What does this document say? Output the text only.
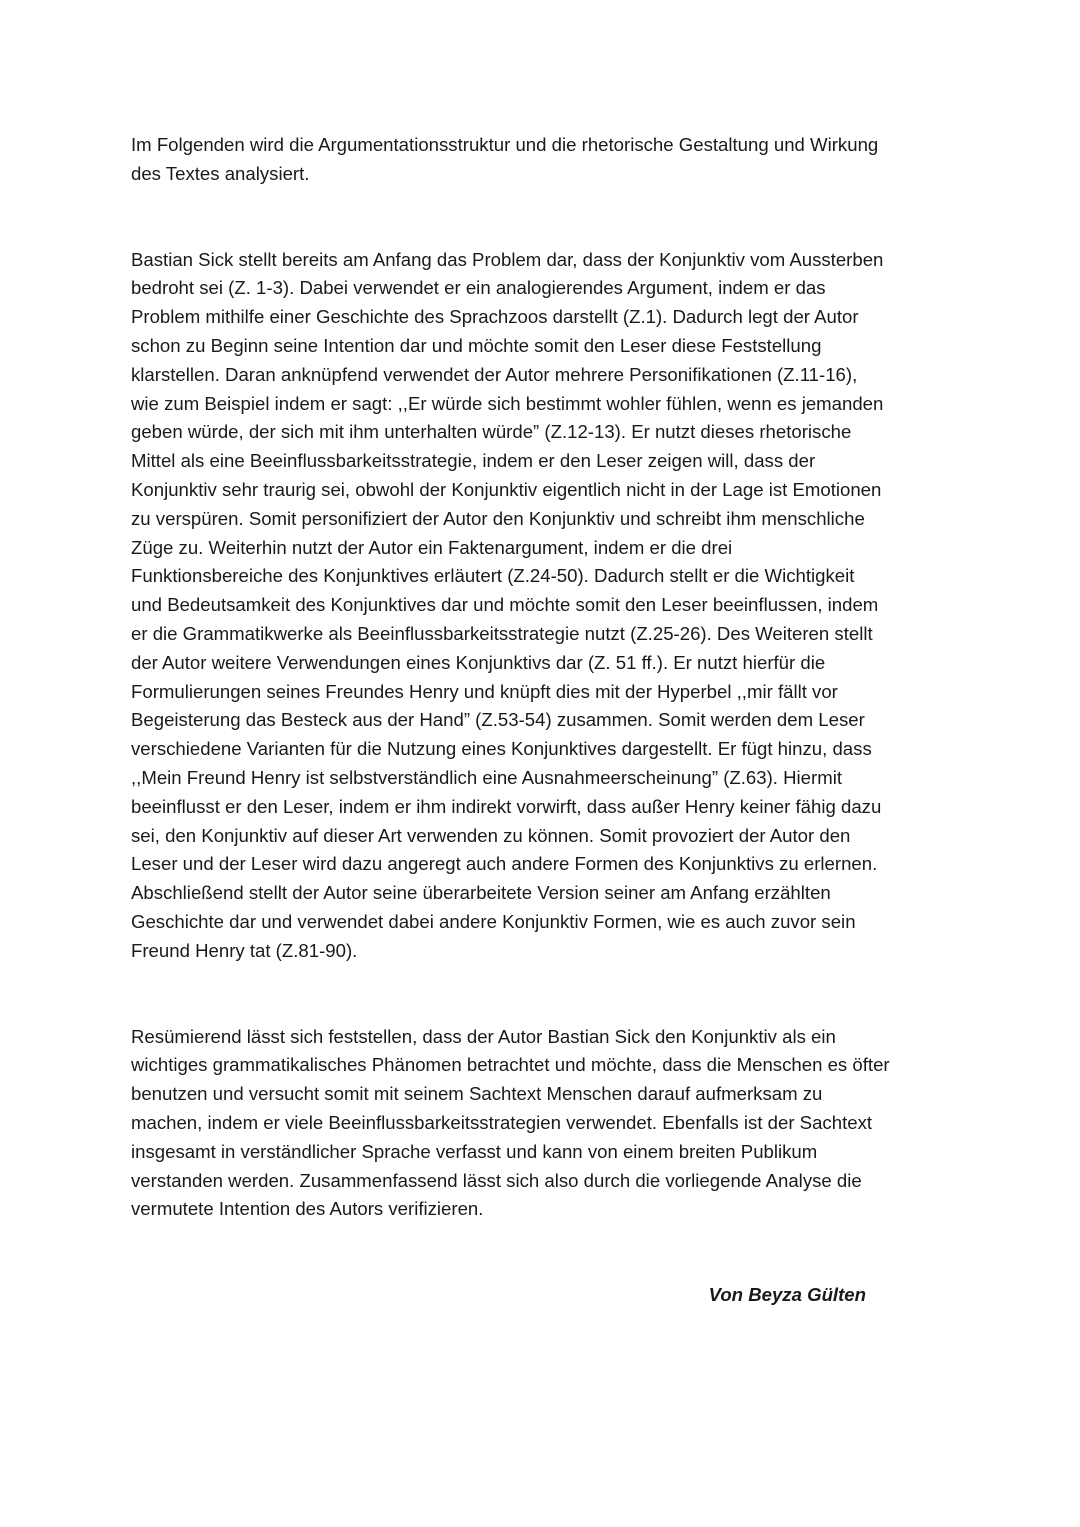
Im Folgenden wird die Argumentationsstruktur und die rhetorische Gestaltung und Wirkung
des Textes analysiert.

Bastian Sick stellt bereits am Anfang das Problem dar, dass der Konjunktiv vom Aussterben
bedroht sei (Z. 1-3). Dabei verwendet er ein analogierendes Argument, indem er das
Problem mithilfe einer Geschichte des Sprachzoos darstellt (Z.1). Dadurch legt der Autor
schon zu Beginn seine Intention dar und möchte somit den Leser diese Feststellung
klarstellen. Daran anknüpfend verwendet der Autor mehrere Personifikationen (Z.11-16),
wie zum Beispiel indem er sagt: ,,Er würde sich bestimmt wohler fühlen, wenn es jemanden
geben würde, der sich mit ihm unterhalten würde” (Z.12-13). Er nutzt dieses rhetorische
Mittel als eine Beeinflussbarkeitsstrategie, indem er den Leser zeigen will, dass der
Konjunktiv sehr traurig sei, obwohl der Konjunktiv eigentlich nicht in der Lage ist Emotionen
zu verspüren. Somit personifiziert der Autor den Konjunktiv und schreibt ihm menschliche
Züge zu. Weiterhin nutzt der Autor ein Faktenargument, indem er die drei
Funktionsbereiche des Konjunktives erläutert (Z.24-50). Dadurch stellt er die Wichtigkeit
und Bedeutsamkeit des Konjunktives dar und möchte somit den Leser beeinflussen, indem
er die Grammatikwerke als Beeinflussbarkeitsstrategie nutzt (Z.25-26). Des Weiteren stellt
der Autor weitere Verwendungen eines Konjunktivs dar (Z. 51 ff.). Er nutzt hierfür die
Formulierungen seines Freundes Henry und knüpft dies mit der Hyperbel ,,mir fällt vor
Begeisterung das Besteck aus der Hand” (Z.53-54) zusammen. Somit werden dem Leser
verschiedene Varianten für die Nutzung eines Konjunktives dargestellt. Er fügt hinzu, dass
,,Mein Freund Henry ist selbstverständlich eine Ausnahmeerscheinung” (Z.63). Hiermit
beeinflusst er den Leser, indem er ihm indirekt vorwirft, dass außer Henry keiner fähig dazu
sei, den Konjunktiv auf dieser Art verwenden zu können. Somit provoziert der Autor den
Leser und der Leser wird dazu angeregt auch andere Formen des Konjunktivs zu erlernen.
Abschließend stellt der Autor seine überarbeitete Version seiner am Anfang erzählten
Geschichte dar und verwendet dabei andere Konjunktiv Formen, wie es auch zuvor sein
Freund Henry tat (Z.81-90).

Resümierend lässt sich feststellen, dass der Autor Bastian Sick den Konjunktiv als ein
wichtiges grammatikalisches Phänomen betrachtet und möchte, dass die Menschen es öfter
benutzen und versucht somit mit seinem Sachtext Menschen darauf aufmerksam zu
machen, indem er viele Beeinflussbarkeitsstrategien verwendet. Ebenfalls ist der Sachtext
insgesamt in verständlicher Sprache verfasst und kann von einem breiten Publikum
verstanden werden. Zusammenfassend lässt sich also durch die vorliegende Analyse die
vermutete Intention des Autors verifizieren.

Von Beyza Gülten
